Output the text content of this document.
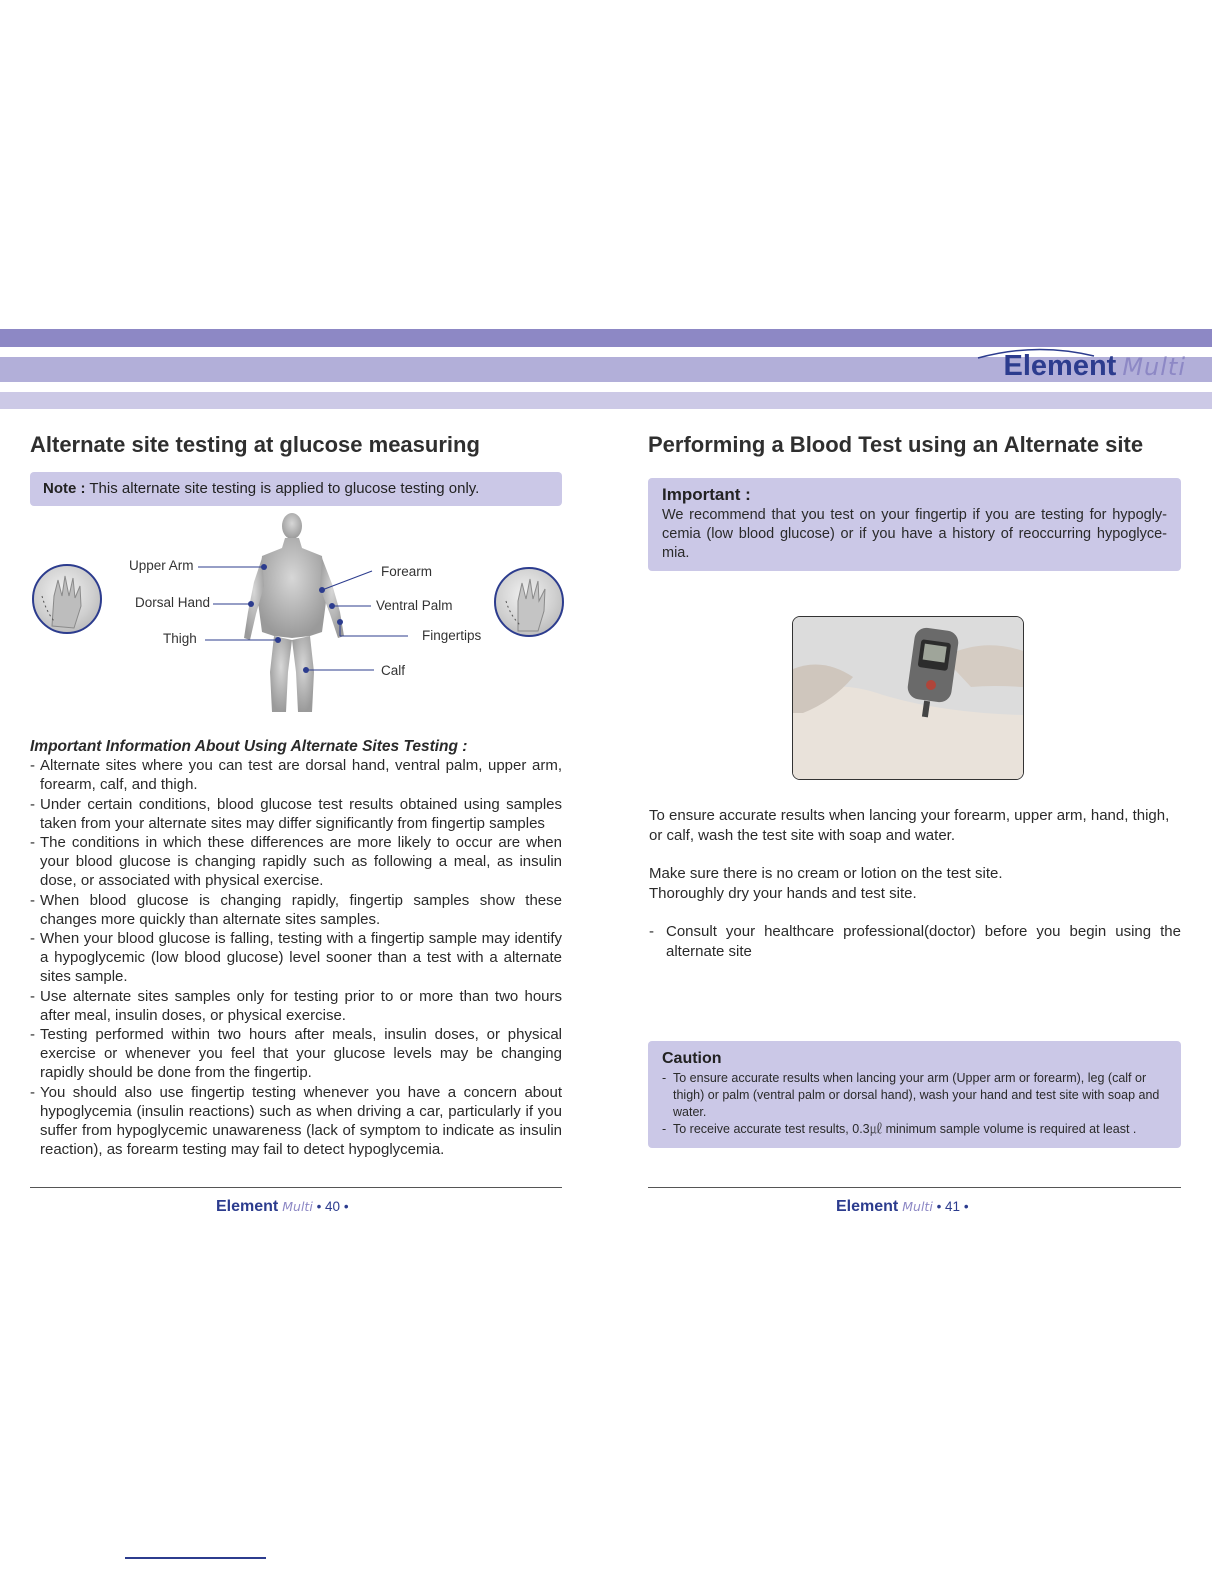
Element Multi
Alternate site testing at glucose measuring

Note : This alternate site testing is applied to glucose testing only.

Upper Arm
Dorsal Hand
Thigh
Forearm
Ventral Palm
Fingertips
Calf
Important Information About Using Alternate Sites Testing :
- Alternate sites where you can test are dorsal hand, ventral palm, upper arm, forearm, calf, and thigh.
- Under certain conditions, blood glucose test results obtained using samples taken from your alternate sites may differ significantly from fingertip samples
- The conditions in which these differences are more likely to occur are when your blood glucose is changing rapidly such as following a meal, as insulin dose, or associated with physical exercise.
- When blood glucose is changing rapidly, fingertip samples show these changes more quickly than alternate sites samples.
- When your blood glucose is falling, testing with a fingertip sample may identify a hypoglycemic (low blood glucose) level sooner than a test with a alternate sites sample.
- Use alternate sites samples only for testing prior to or more than two hours after meal, insulin doses, or physical exercise.
- Testing performed within two hours after meals, insulin doses, or physical exercise or whenever you feel that your glucose levels may be changing rapidly should be done from the fingertip.
- You should also use fingertip testing whenever you have a concern about hypoglycemia (insulin reactions) such as when driving a car, particularly if you suffer from hypoglycemic unawareness (lack of symptom to indicate as insulin reaction), as forearm testing may fail to detect hypoglycemia.
Element Multi • 40 •
Performing a Blood Test using an Alternate site
Important :

We recommend that you test on your fingertip if you are testing for hypogly-cemia (low blood glucose) or if you have a history of reoccurring hypoglyce-mia.

To ensure accurate results when lancing your forearm, upper arm, hand, thigh, or calf, wash the test site with soap and water.

Make sure there is no cream or lotion on the test site.

Thoroughly dry your hands and test site.

- Consult your healthcare professional(doctor) before you begin using the alternate site
Caution
- To ensure accurate results when lancing your arm (Upper arm or forearm), leg (calf or thigh) or palm (ventral palm or dorsal hand), wash your hand and test site with soap and water.
- To receive accurate test results, 0.3㎕ minimum sample volume is required at least .
Element Multi • 41 •
